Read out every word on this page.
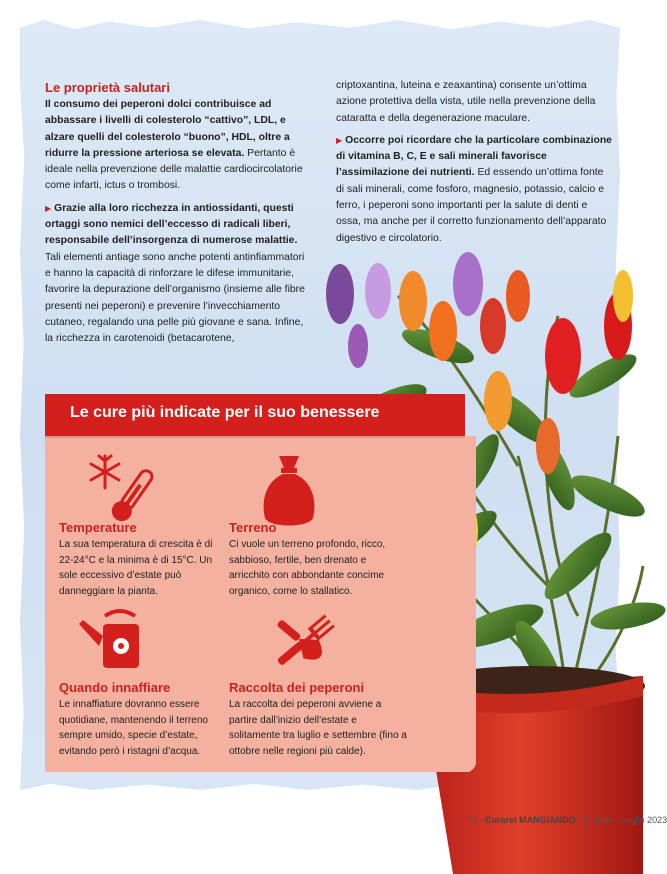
Le proprietà salutari

Il consumo dei peperoni dolci contribuisce ad abbassare i livelli di colesterolo “cattivo”, LDL, e alzare quelli del colesterolo “buono”, HDL, oltre a ridurre la pressione arteriosa se elevata. Pertanto è ideale nella prevenzione delle malattie cardiocircolatorie come infarti, ictus o trombosi.

▶ Grazie alla loro ricchezza in antiossidanti, questi ortaggi sono nemici dell’eccesso di radicali liberi, responsabile dell’insorgenza di numerose malattie. Tali elementi antiage sono anche potenti antinfiammatori e hanno la capacità di rinforzare le difese immunitarie, favorire la depurazione dell’organismo (insieme alle fibre presenti nei peperoni) e prevenire l’invecchiamento cutaneo, regalando una pelle più giovane e sana. Infine, la ricchezza in carotenoidi (betacarotene,

criptoxantina, luteina e zeaxantina) consente un’ottima azione protettiva della vista, utile nella prevenzione della cataratta e della degenerazione maculare.

▶ Occorre poi ricordare che la particolare combinazione di vitamina B, C, E e sali minerali favorisce l’assimilazione dei nutrienti. Ed essendo un’ottima fonte di sali minerali, come fosforo, magnesio, potassio, calcio e ferro, i peperoni sono importanti per la salute di denti e ossa, ma anche per il corretto funzionamento dell’apparato digestivo e circolatorio.

Temperature
La sua temperatura di crescita è di 22-24°C e la minima è di 15°C. Un sole eccessivo d’estate può danneggiare la pianta.
Terreno
Ci vuole un terreno profondo, ricco, sabbioso, fertile, ben drenato e arricchito con abbondante concime organico, come lo stallatico.
Quando innaffiare
Le innaffiature dovranno essere quotidiane, mantenendo il terreno sempre umido, specie d’estate, evitando però i ristagni d’acqua.
Raccolta dei peperoni
La raccolta dei peperoni avviene a partire dall’inizio dell’estate e solitamente tra luglio e settembre (fino a ottobre nelle regioni più calde).
Le cure più indicate per il suo benessere
73 - Curarsi MANGIANDO - Giugno - Luglio 2023
